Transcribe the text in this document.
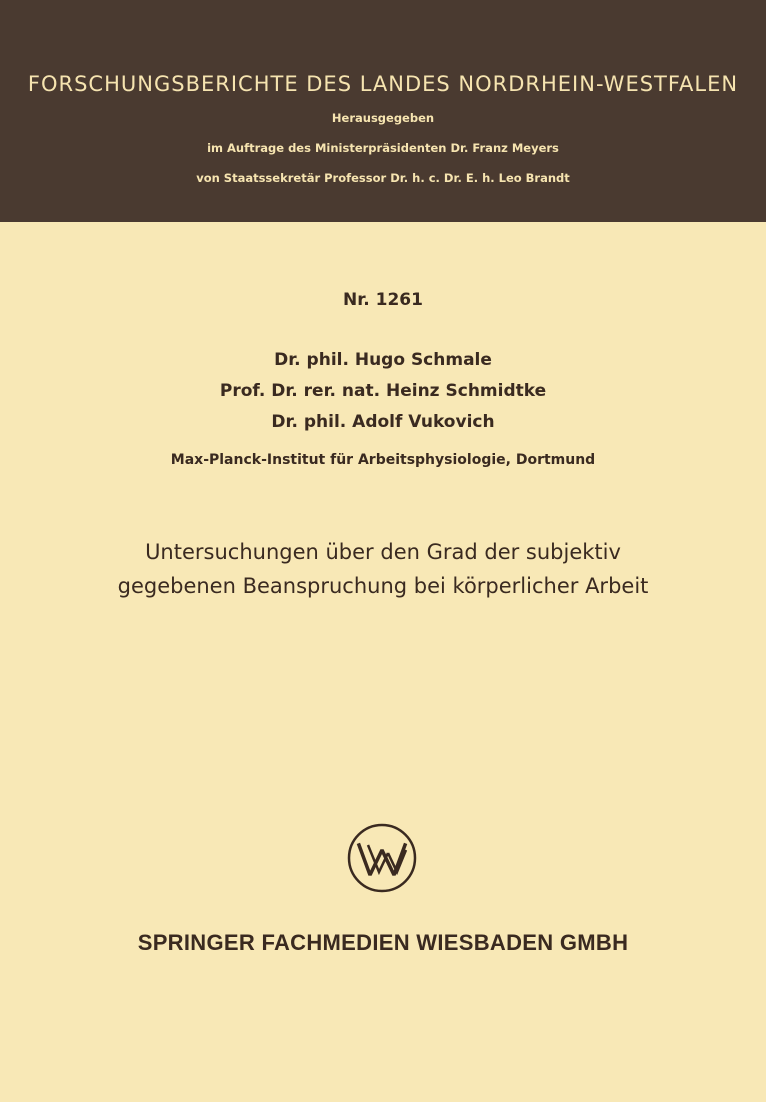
FORSCHUNGSBERICHTE DES LANDES NORDRHEIN-WESTFALEN
Herausgegeben
im Auftrage des Ministerpräsidenten Dr. Franz Meyers
von Staatssekretär Professor Dr. h. c. Dr. E. h. Leo Brandt
Nr. 1261
Dr. phil. Hugo Schmale
Prof. Dr. rer. nat. Heinz Schmidtke
Dr. phil. Adolf Vukovich
Max-Planck-Institut für Arbeitsphysiologie, Dortmund
Untersuchungen über den Grad der subjektiv
gegebenen Beanspruchung bei körperlicher Arbeit
SPRINGER FACHMEDIEN WIESBADEN GMBH
